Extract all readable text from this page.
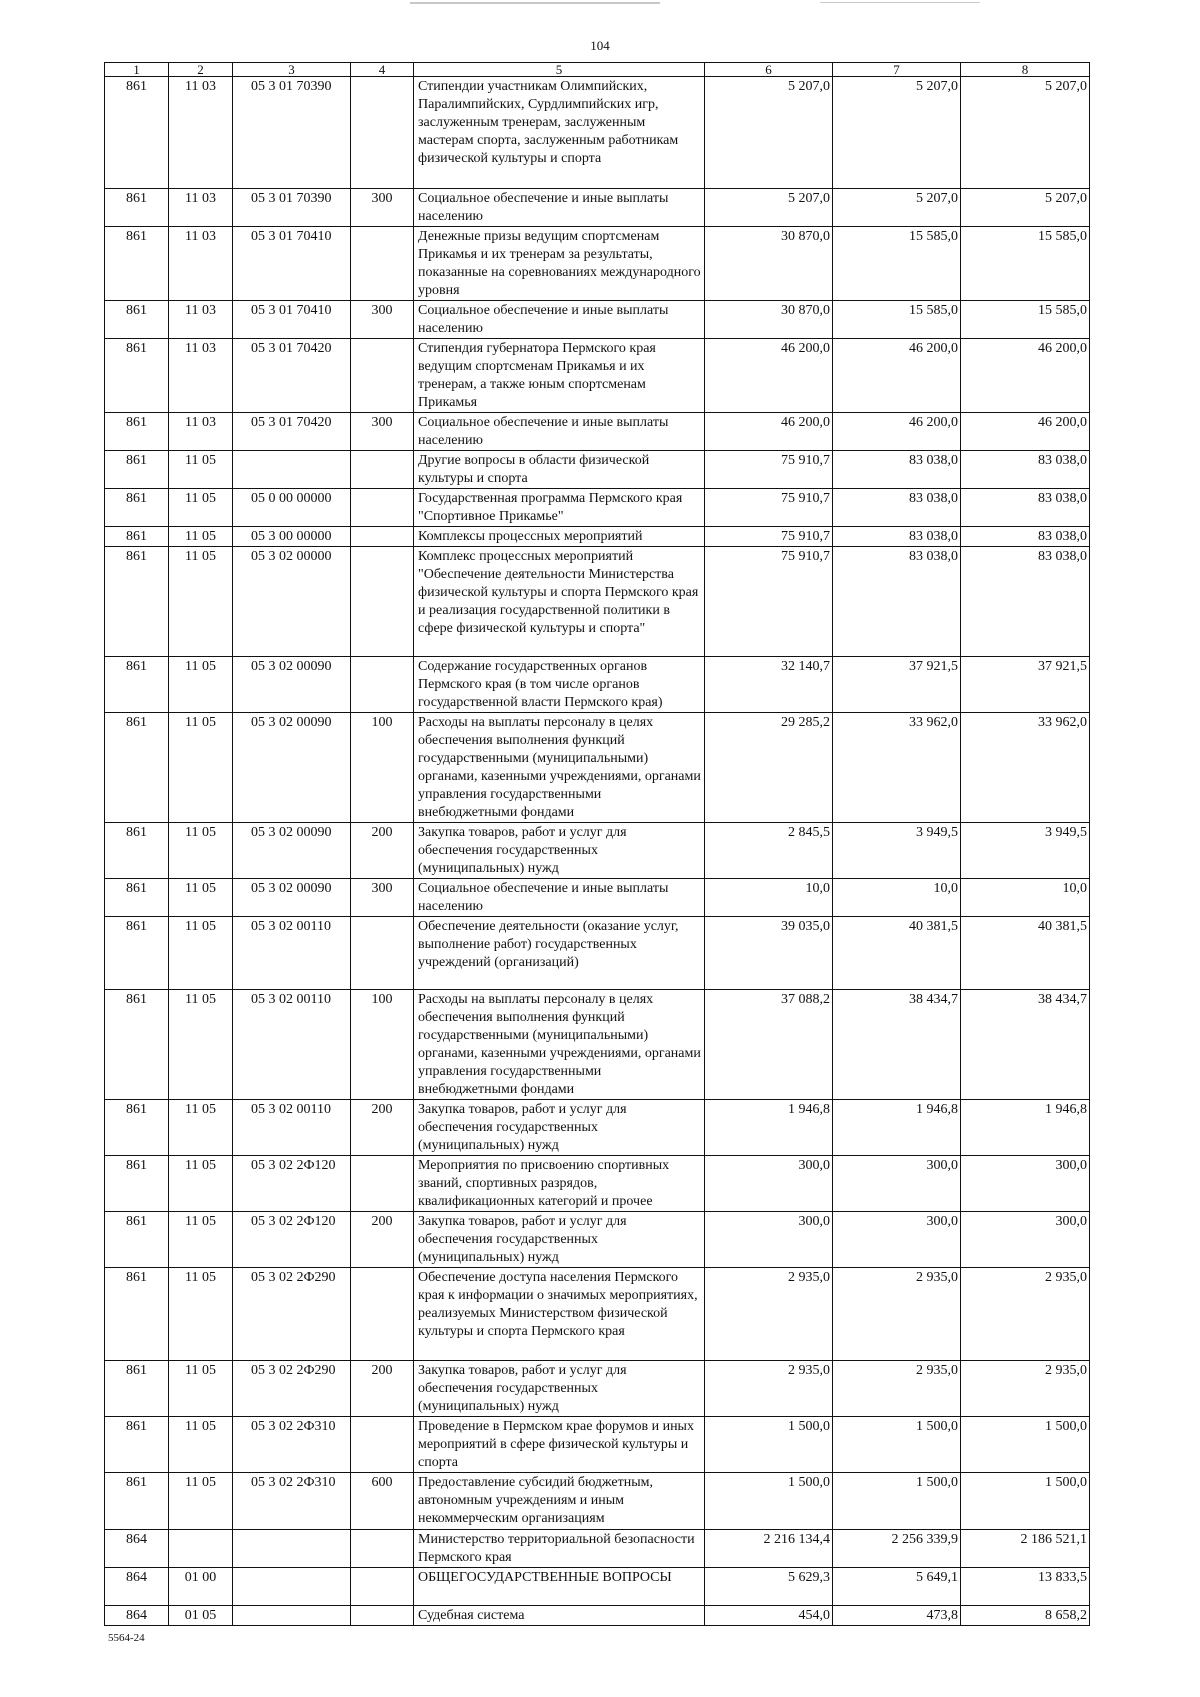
104
1	2	3	4	5	6	7	8
861	11 03	05 3 01 70390		Стипендии участникам Олимпийских, Паралимпийских, Сурдлимпийских игр, заслуженным тренерам, заслуженным мастерам спорта, заслуженным работникам физической культуры и спорта	5 207,0	5 207,0	5 207,0
861	11 03	05 3 01 70390	300	Социальное обеспечение и иные выплаты населению	5 207,0	5 207,0	5 207,0
861	11 03	05 3 01 70410		Денежные призы ведущим спортсменам Прикамья и их тренерам за результаты, показанные на соревнованиях международного уровня	30 870,0	15 585,0	15 585,0
861	11 03	05 3 01 70410	300	Социальное обеспечение и иные выплаты населению	30 870,0	15 585,0	15 585,0
861	11 03	05 3 01 70420		Стипендия губернатора Пермского края ведущим спортсменам Прикамья и их тренерам, а также юным спортсменам Прикамья	46 200,0	46 200,0	46 200,0
861	11 03	05 3 01 70420	300	Социальное обеспечение и иные выплаты населению	46 200,0	46 200,0	46 200,0
861	11 05			Другие вопросы в области физической культуры и спорта	75 910,7	83 038,0	83 038,0
861	11 05	05 0 00 00000		Государственная программа Пермского края "Спортивное Прикамье"	75 910,7	83 038,0	83 038,0
861	11 05	05 3 00 00000		Комплексы процессных мероприятий	75 910,7	83 038,0	83 038,0
861	11 05	05 3 02 00000		Комплекс процессных мероприятий "Обеспечение деятельности Министерства физической культуры и спорта Пермского края и реализация государственной политики в сфере физической культуры и спорта"	75 910,7	83 038,0	83 038,0
861	11 05	05 3 02 00090		Содержание государственных органов Пермского края (в том числе органов государственной власти Пермского края)	32 140,7	37 921,5	37 921,5
861	11 05	05 3 02 00090	100	Расходы на выплаты персоналу в целях обеспечения выполнения функций государственными (муниципальными) органами, казенными учреждениями, органами управления государственными внебюджетными фондами	29 285,2	33 962,0	33 962,0
861	11 05	05 3 02 00090	200	Закупка товаров, работ и услуг для обеспечения государственных (муниципальных) нужд	2 845,5	3 949,5	3 949,5
861	11 05	05 3 02 00090	300	Социальное обеспечение и иные выплаты населению	10,0	10,0	10,0
861	11 05	05 3 02 00110		Обеспечение деятельности (оказание услуг, выполнение работ) государственных учреждений (организаций)	39 035,0	40 381,5	40 381,5
861	11 05	05 3 02 00110	100	Расходы на выплаты персоналу в целях обеспечения выполнения функций государственными (муниципальными) органами, казенными учреждениями, органами управления государственными внебюджетными фондами	37 088,2	38 434,7	38 434,7
861	11 05	05 3 02 00110	200	Закупка товаров, работ и услуг для обеспечения государственных (муниципальных) нужд	1 946,8	1 946,8	1 946,8
861	11 05	05 3 02 2Ф120		Мероприятия по присвоению спортивных званий, спортивных разрядов, квалификационных категорий и прочее	300,0	300,0	300,0
861	11 05	05 3 02 2Ф120	200	Закупка товаров, работ и услуг для обеспечения государственных (муниципальных) нужд	300,0	300,0	300,0
861	11 05	05 3 02 2Ф290		Обеспечение доступа населения Пермского края к информации о значимых мероприятиях, реализуемых Министерством физической культуры и спорта Пермского края	2 935,0	2 935,0	2 935,0
861	11 05	05 3 02 2Ф290	200	Закупка товаров, работ и услуг для обеспечения государственных (муниципальных) нужд	2 935,0	2 935,0	2 935,0
861	11 05	05 3 02 2Ф310		Проведение в Пермском крае форумов и иных мероприятий в сфере физической культуры и спорта	1 500,0	1 500,0	1 500,0
861	11 05	05 3 02 2Ф310	600	Предоставление субсидий бюджетным, автономным учреждениям и иным некоммерческим организациям	1 500,0	1 500,0	1 500,0
864				Министерство территориальной безопасности Пермского края	2 216 134,4	2 256 339,9	2 186 521,1
864	01 00			ОБЩЕГОСУДАРСТВЕННЫЕ ВОПРОСЫ	5 629,3	5 649,1	13 833,5
864	01 05			Судебная система	454,0	473,8	8 658,2
5564-24
